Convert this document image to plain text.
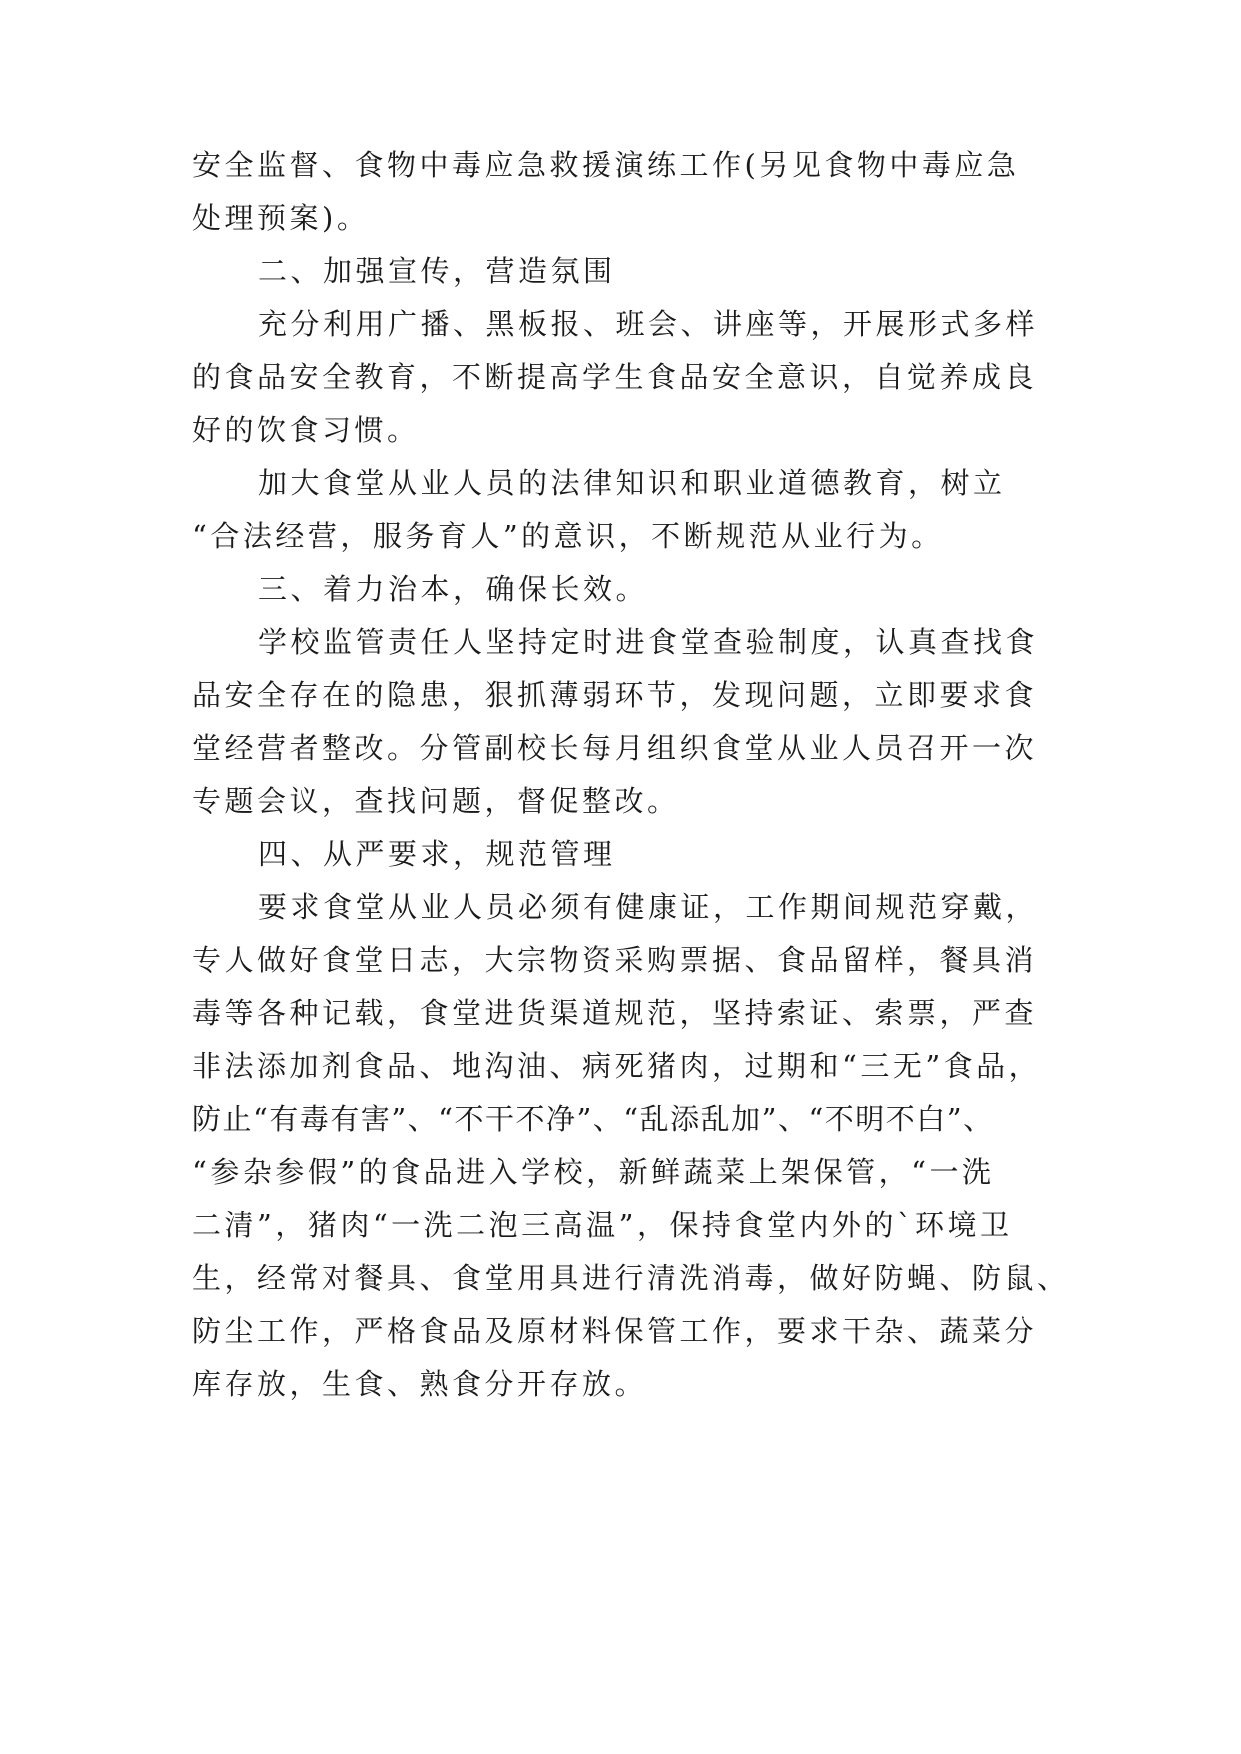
安全监督、食物中毒应急救援演练工作(另见食物中毒应急
处理预案)。
二、加强宣传，营造氛围
充分利用广播、黑板报、班会、讲座等，开展形式多样
的食品安全教育，不断提高学生食品安全意识，自觉养成良
好的饮食习惯。
加大食堂从业人员的法律知识和职业道德教育，树立
“合法经营，服务育人”的意识，不断规范从业行为。
三、着力治本，确保长效。
学校监管责任人坚持定时进食堂查验制度，认真查找食
品安全存在的隐患，狠抓薄弱环节，发现问题，立即要求食
堂经营者整改。分管副校长每月组织食堂从业人员召开一次
专题会议，查找问题，督促整改。
四、从严要求，规范管理
要求食堂从业人员必须有健康证，工作期间规范穿戴，
专人做好食堂日志，大宗物资采购票据、食品留样，餐具消
毒等各种记载，食堂进货渠道规范，坚持索证、索票，严查
非法添加剂食品、地沟油、病死猪肉，过期和“三无”食品，
防止“有毒有害”、“不干不净”、“乱添乱加”、“不明不白”、
“参杂参假”的食品进入学校，新鲜蔬菜上架保管，“一洗
二清”，猪肉“一洗二泡三高温”，保持食堂内外的`环境卫
生，经常对餐具、食堂用具进行清洗消毒，做好防蝇、防鼠、
防尘工作，严格食品及原材料保管工作，要求干杂、蔬菜分
库存放，生食、熟食分开存放。
